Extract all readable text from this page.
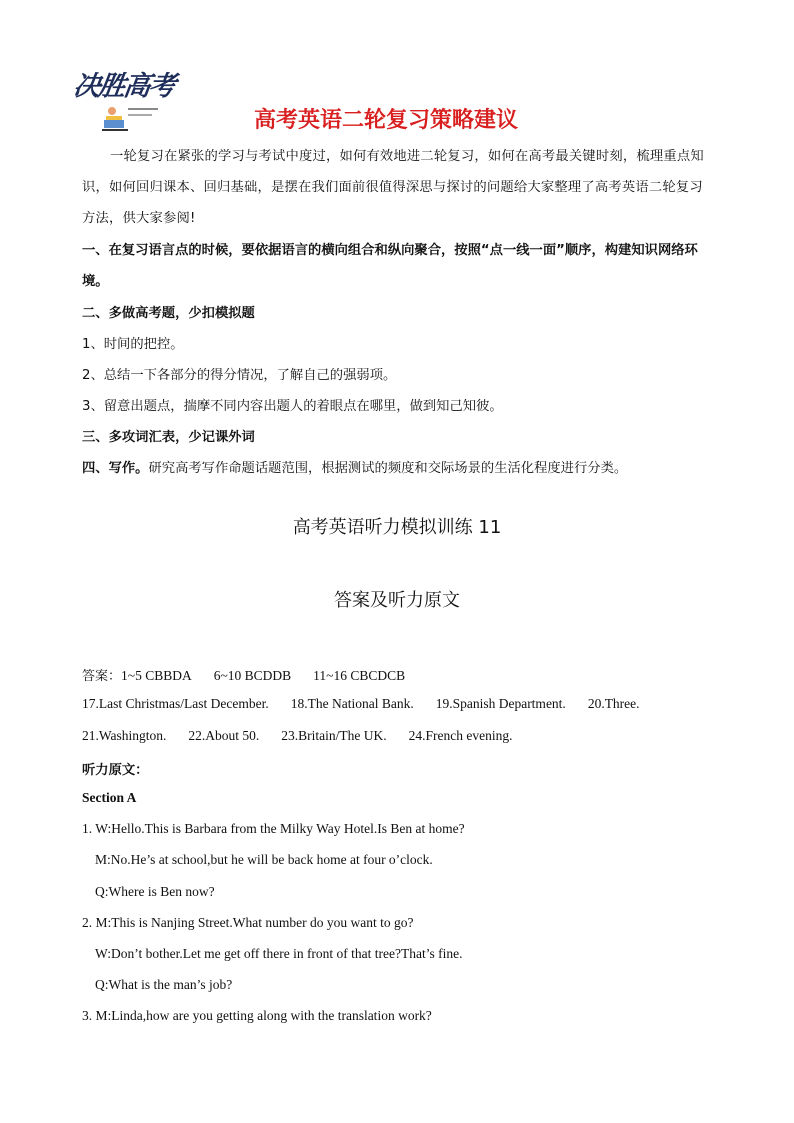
决胜高考
高考英语二轮复习策略建议
一轮复习在紧张的学习与考试中度过，如何有效地进二轮复习，如何在高考最关键时刻，梳理重点知识，如何回归课本、回归基础，是摆在我们面前很值得深思与探讨的问题给大家整理了高考英语二轮复习方法，供大家参阅!
一、在复习语言点的时候，要依据语言的横向组合和纵向聚合，按照“点一线一面”顺序，构建知识网络环境。
二、多做高考题，少扣模拟题
1、时间的把控。
2、总结一下各部分的得分情况，了解自己的强弱项。
3、留意出题点，揣摩不同内容出题人的着眼点在哪里，做到知己知彼。
三、多攻词汇表，少记课外词
四、写作。研究高考写作命题话题范围，根据测试的频度和交际场景的生活化程度进行分类。
高考英语听力模拟训练 11
答案及听力原文
答案：1~5 CBBDA 6~10 BCDDB 11~16 CBCDCB
17.Last Christmas/Last December. 18.The National Bank. 19.Spanish Department. 20.Three.
21.Washington. 22.About 50. 23.Britain/The UK. 24.French evening.
听力原文：
Section A
1. W:Hello.This is Barbara from the Milky Way Hotel.Is Ben at home?
M:No.He’s at school,but he will be back home at four o’clock.
Q:Where is Ben now?
2. M:This is Nanjing Street.What number do you want to go?
W:Don’t bother.Let me get off there in front of that tree?That’s fine.
Q:What is the man’s job?
3. M:Linda,how are you getting along with the translation work?
